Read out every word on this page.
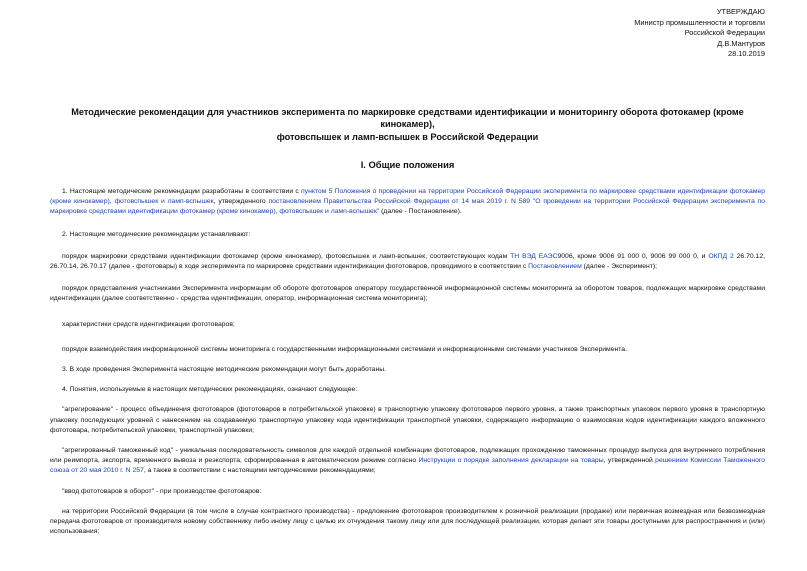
УТВЕРЖДАЮ
Министр промышленности и торговли
Российской Федерации
Д.В.Мантуров
28.10.2019
Методические рекомендации для участников эксперимента по маркировке средствами идентификации и мониторингу оборота фотокамер (кроме кинокамер),
фотовспышек и ламп-вспышек в Российской Федерации
I. Общие положения

1. Настоящие методические рекомендации разработаны в соответствии с пунктом 5 Положения о проведении на территории Российской Федерации эксперимента по маркировке средствами идентификации фотокамер (кроме кинокамер), фотовспышек и ламп-вспышек, утвержденного постановлением Правительства Российской Федерации от 14 мая 2019 г. N 589 "О проведении на территории Российской Федерации эксперимента по маркировке средствами идентификации фотокамер (кроме кинокамер), фотовспышек и ламп-вспышек" (далее - Постановление).

2. Настоящие методические рекомендации устанавливают:

порядок маркировки средствами идентификации фотокамер (кроме кинокамер), фотовспышек и ламп-вспышек, соответствующих кодам ТН ВЭД ЕАЭС9006, кроме 9006 91 000 0, 9006 99 000 0, и ОКПД 2 26.70.12, 26.70.14, 26.70.17 (далее - фототовары) в ходе эксперимента по маркировке средствами идентификации фототоваров, проводимого в соответствии с Постановлением (далее - Эксперимент);

порядок представления участниками Эксперимента информации об обороте фототоваров оператору государственной информационной системы мониторинга за оборотом товаров, подлежащих маркировке средствами идентификации (далее соответственно - средства идентификации, оператор, информационная система мониторинга);

характеристики средств идентификации фототоваров;

порядок взаимодействия информационной системы мониторинга с государственными информационными системами и информационными системами участников Эксперимента.

3. В ходе проведения Эксперимента настоящие методические рекомендации могут быть доработаны.

4. Понятия, используемые в настоящих методических рекомендациях, означают следующее:

"агрегирование" - процесс объединения фототоваров (фототоваров в потребительской упаковке) в транспортную упаковку фототоваров первого уровня, а также транспортных упаковок первого уровня в транспортную упаковку последующих уровней с нанесением на создаваемую транспортную упаковку кода идентификации транспортной упаковки, содержащего информацию о взаимосвязи кодов идентификации каждого вложенного фототовара, потребительской упаковки, транспортной упаковки;

"агрегированный таможенный код" - уникальная последовательность символов для каждой отдельной комбинации фототоваров, подлежащих прохождению таможенных процедур выпуска для внутреннего потребления или реимпорта, экспорта, временного вывоза и реэкспорта, сформированная в автоматическом режиме согласно Инструкции о порядке заполнения декларации на товары, утвержденной решением Комиссии Таможенного союза от 20 мая 2010 г. N 257, а также в соответствии с настоящими методическими рекомендациями;

"ввод фототоваров в оборот" - при производстве фототоваров:

на территории Российской Федерации (в том числе в случае контрактного производства) - предложение фототоваров производителем к розничной реализации (продаже) или первичная возмездная или безвозмездная передача фототоваров от производителя новому собственнику либо иному лицу с целью их отчуждения такому лицу или для последующей реализации, которая делает эти товары доступными для распространения и (или) использования;
